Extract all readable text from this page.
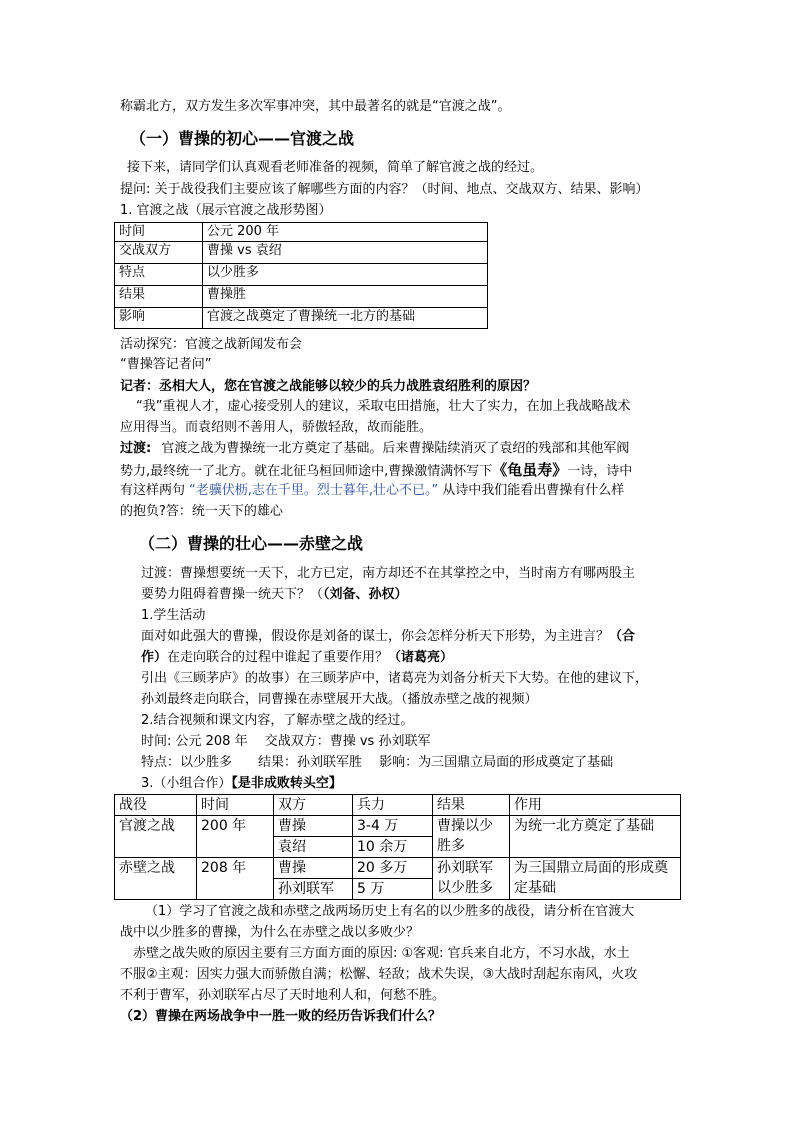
称霸北方，双方发生多次军事冲突，其中最著名的就是“官渡之战”。
（一）曹操的初心——官渡之战
接下来，请同学们认真观看老师准备的视频，简单了解官渡之战的经过。
提问: 关于战役我们主要应该了解哪些方面的内容？（时间、地点、交战双方、结果、影响）
1. 官渡之战（展示官渡之战形势图）
时间	公元 200 年
交战双方	曹操 vs 袁绍
特点	以少胜多
结果	曹操胜
影响	官渡之战奠定了曹操统一北方的基础
活动探究：官渡之战新闻发布会
“曹操答记者问”
记者：丞相大人，您在官渡之战能够以较少的兵力战胜袁绍胜利的原因？
“我”重视人才，虚心接受别人的建议，采取屯田措施，壮大了实力，在加上我战略战术
应用得当。而袁绍则不善用人，骄傲轻敌，故而能胜。
过渡: 官渡之战为曹操统一北方奠定了基础。后来曹操陆续消灭了袁绍的残部和其他军阀
势力,最终统一了北方。就在北征乌桓回师途中,曹操激情满怀写下《龟虽寿》一诗，诗中
有这样两句 “老骥伏枥,志在千里。烈士暮年,壮心不已。” 从诗中我们能看出曹操有什么样
的抱负?答：统一天下的雄心
（二）曹操的壮心——赤壁之战
过渡：曹操想要统一天下，北方已定，南方却还不在其掌控之中，当时南方有哪两股主
要势力阻碍着曹操一统天下？（（刘备、孙权）
1.学生活动
面对如此强大的曹操，假设你是刘备的谋士，你会怎样分析天下形势，为主进言？（合
作）在走向联合的过程中谁起了重要作用？（诸葛亮）
引出《三顾茅庐》的故事）在三顾茅庐中，诸葛亮为刘备分析天下大势。在他的建议下，
孙刘最终走向联合，同曹操在赤壁展开大战。（播放赤壁之战的视频）
2.结合视频和课文内容，了解赤壁之战的经过。
时间: 公元 208 年　 交战双方：曹操 vs 孙刘联军
特点：以少胜多　　结果：孙刘联军胜　 影响：为三国鼎立局面的形成奠定了基础
3.（小组合作）【是非成败转头空】
战役	时间	双方	兵力	结果	作用
官渡之战	200 年	曹操	3-4 万	曹操以少胜多	为统一北方奠定了基础
		袁绍	10 余万		
赤壁之战	208 年	曹操	20 多万	孙刘联军以少胜多	为三国鼎立局面的形成奠定基础
		孙刘联军	5 万		
（1）学习了官渡之战和赤壁之战两场历史上有名的以少胜多的战役，请分析在官渡大
战中以少胜多的曹操，为什么在赤壁之战以多败少？
赤壁之战失败的原因主要有三方面方面的原因: ①客观: 官兵来自北方，不习水战，水土
不服②主观：因实力强大而骄傲自满；松懈、轻敌；战术失误，③大战时刮起东南风，火攻
不利于曹军，孙刘联军占尽了天时地利人和，何愁不胜。
（2）曹操在两场战争中一胜一败的经历告诉我们什么？
